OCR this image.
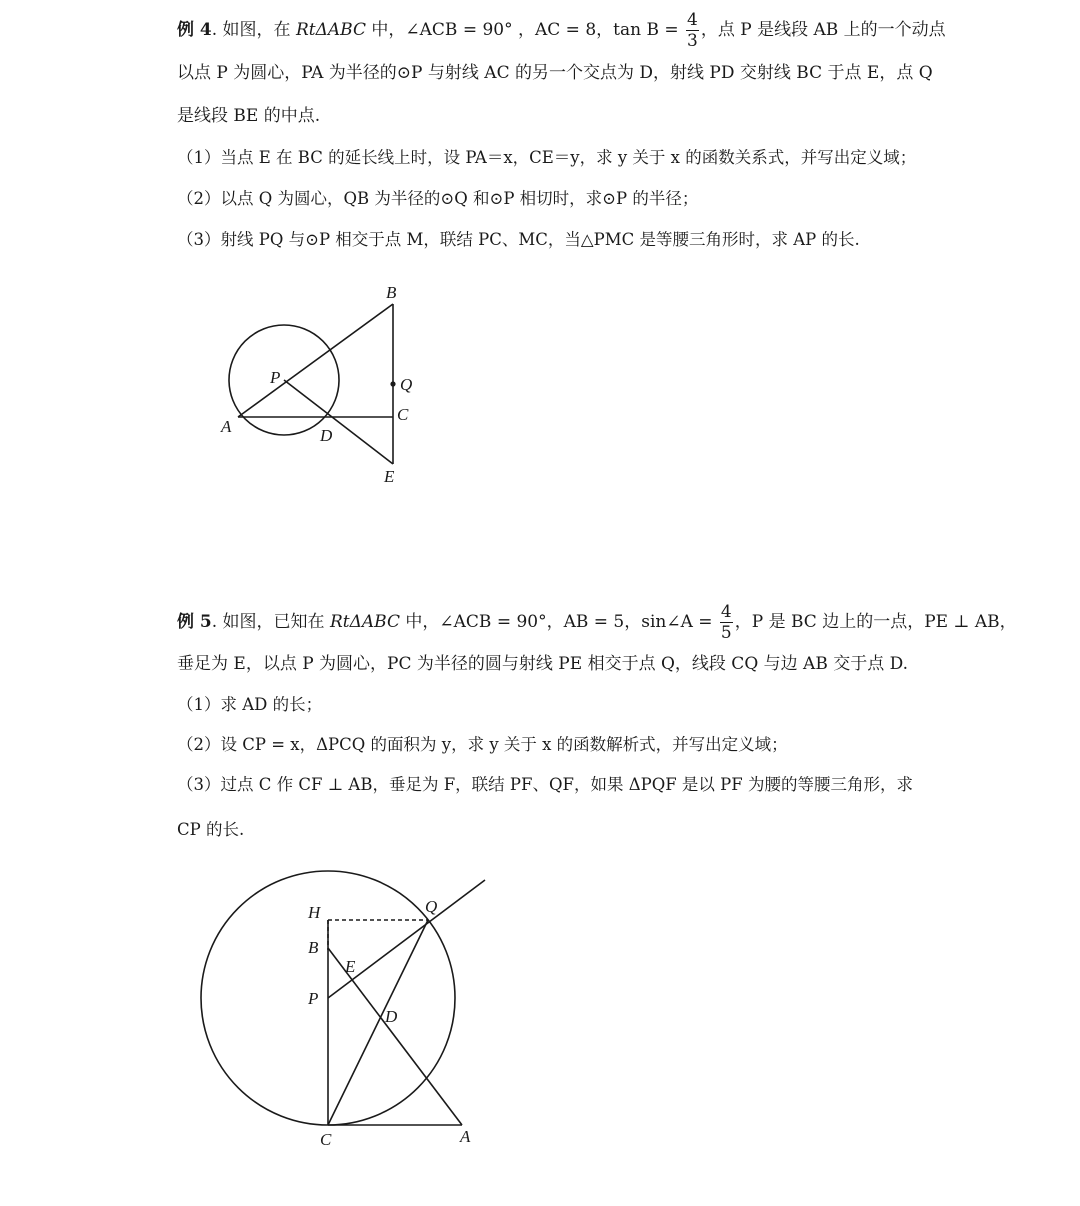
例 4. 如图，在 RtΔABC 中，∠ACB = 90° ，AC = 8，$\tan B = \frac{4}{3}$ ，点 P 是线段 AB 上的一个动点
以点 P 为圆心，PA 为半径的⊙P 与射线 AC 的另一个交点为 D，射线 PD 交射线 BC 于点 E，点 Q
是线段 BE 的中点.
（1）当点 E 在 BC 的延长线上时，设 PA＝x，CE＝y，求 y 关于 x 的函数关系式，并写出定义域；
（2）以点 Q 为圆心，QB 为半径的⊙Q 和⊙P 相切时，求⊙P 的半径；
（3）射线 PQ 与⊙P 相交于点 M，联结 PC、MC，当△PMC 是等腰三角形时，求 AP 的长.
A
B
C
D
E
P	Q
例 5. 如图，已知在 RtΔABC 中，∠ACB = 90°，AB = 5，sin∠A = $\frac{4}{5}$ ，P 是 BC 边上的一点，PE ⊥ AB，
垂足为 E，以点 P 为圆心，PC 为半径的圆与射线 PE 相交于点 Q，线段 CQ 与边 AB 交于点 D.
（1）求 AD 的长；
（2）设 CP = x，ΔPCQ 的面积为 y，求 y 关于 x 的函数解析式，并写出定义域；
（3）过点 C 作 CF ⊥ AB，垂足为 F，联结 PF、QF，如果 ΔPQF 是以 PF 为腰的等腰三角形，求
CP 的长.
H
B
P
E
D
Q
C	A
